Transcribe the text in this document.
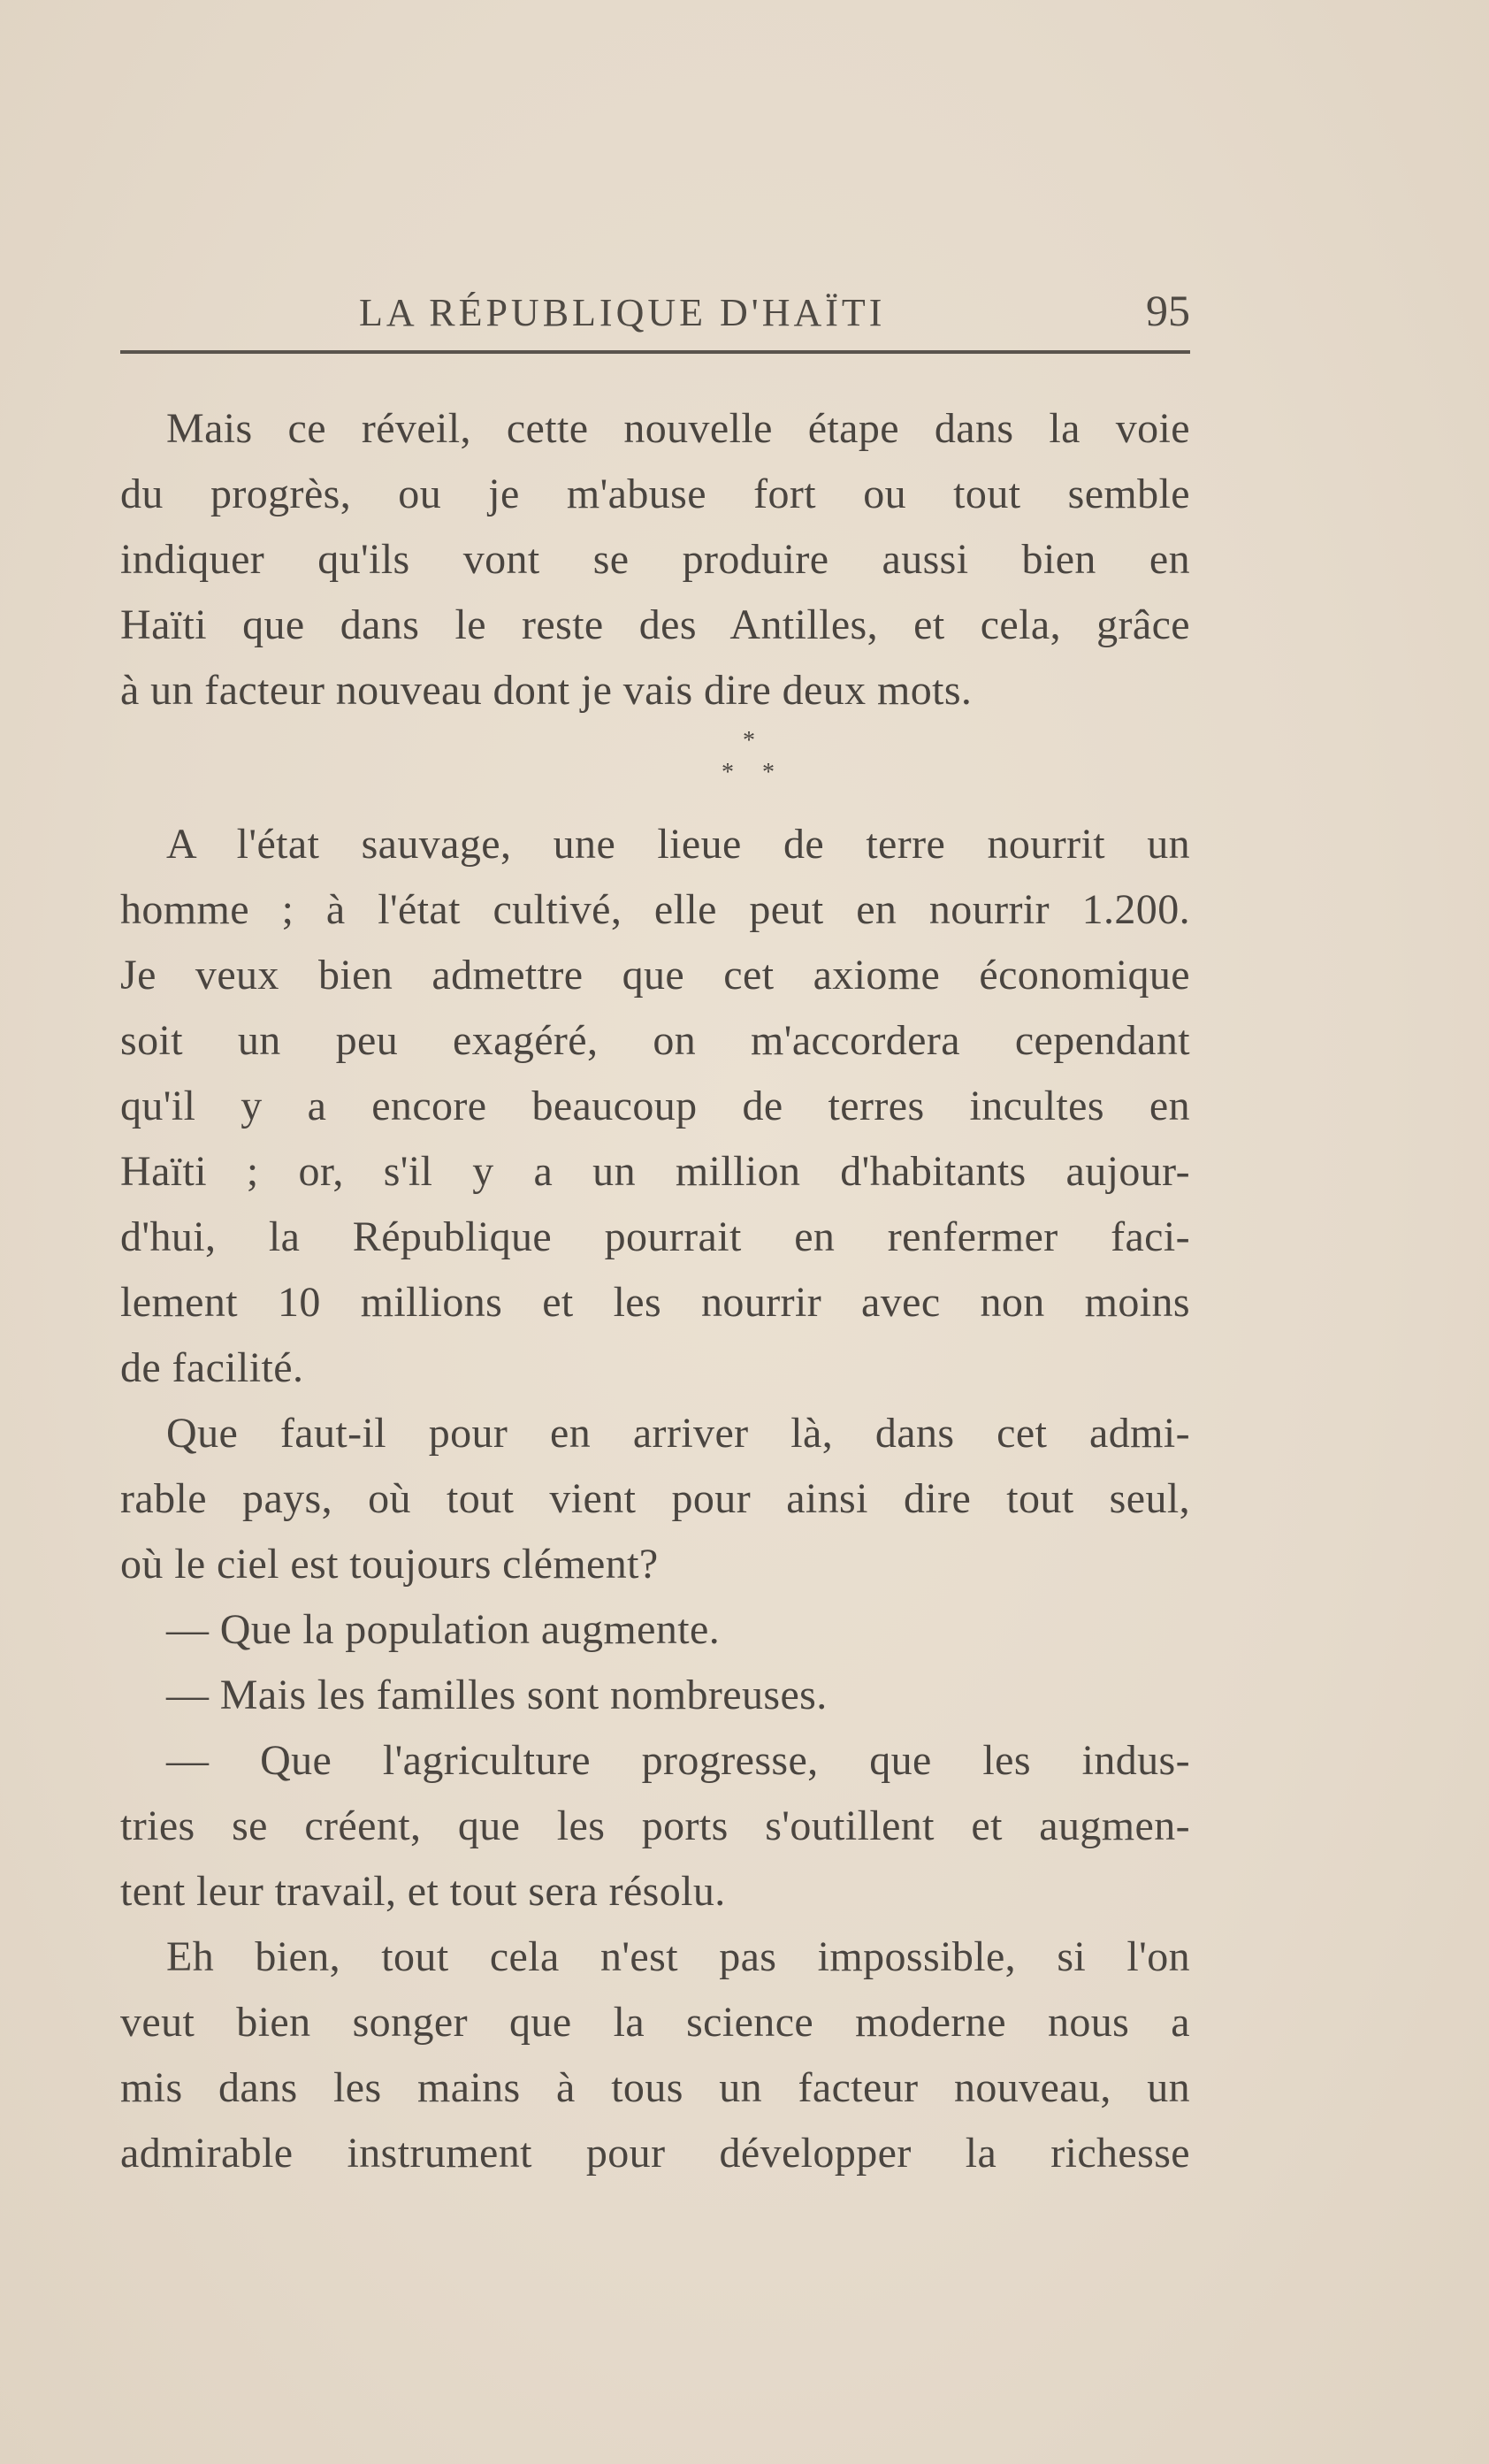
LA RÉPUBLIQUE D'HAÏTI	95
Mais ce réveil, cette nouvelle étape dans la voie
du progrès, ou je m'abuse fort ou tout semble
indiquer qu'ils vont se produire aussi bien en
Haïti que dans le reste des Antilles, et cela, grâce
à un facteur nouveau dont je vais dire deux mots.
*
* *
A l'état sauvage, une lieue de terre nourrit un
homme ; à l'état cultivé, elle peut en nourrir 1.200.
Je veux bien admettre que cet axiome économique
soit un peu exagéré, on m'accordera cependant
qu'il y a encore beaucoup de terres incultes en
Haïti ; or, s'il y a un million d'habitants aujour-
d'hui, la République pourrait en renfermer faci-
lement 10 millions et les nourrir avec non moins
de facilité.
Que faut-il pour en arriver là, dans cet admi-
rable pays, où tout vient pour ainsi dire tout seul,
où le ciel est toujours clément?
— Que la population augmente.
— Mais les familles sont nombreuses.
— Que l'agriculture progresse, que les indus-
tries se créent, que les ports s'outillent et augmen-
tent leur travail, et tout sera résolu.
Eh bien, tout cela n'est pas impossible, si l'on
veut bien songer que la science moderne nous a
mis dans les mains à tous un facteur nouveau, un
admirable instrument pour développer la richesse
